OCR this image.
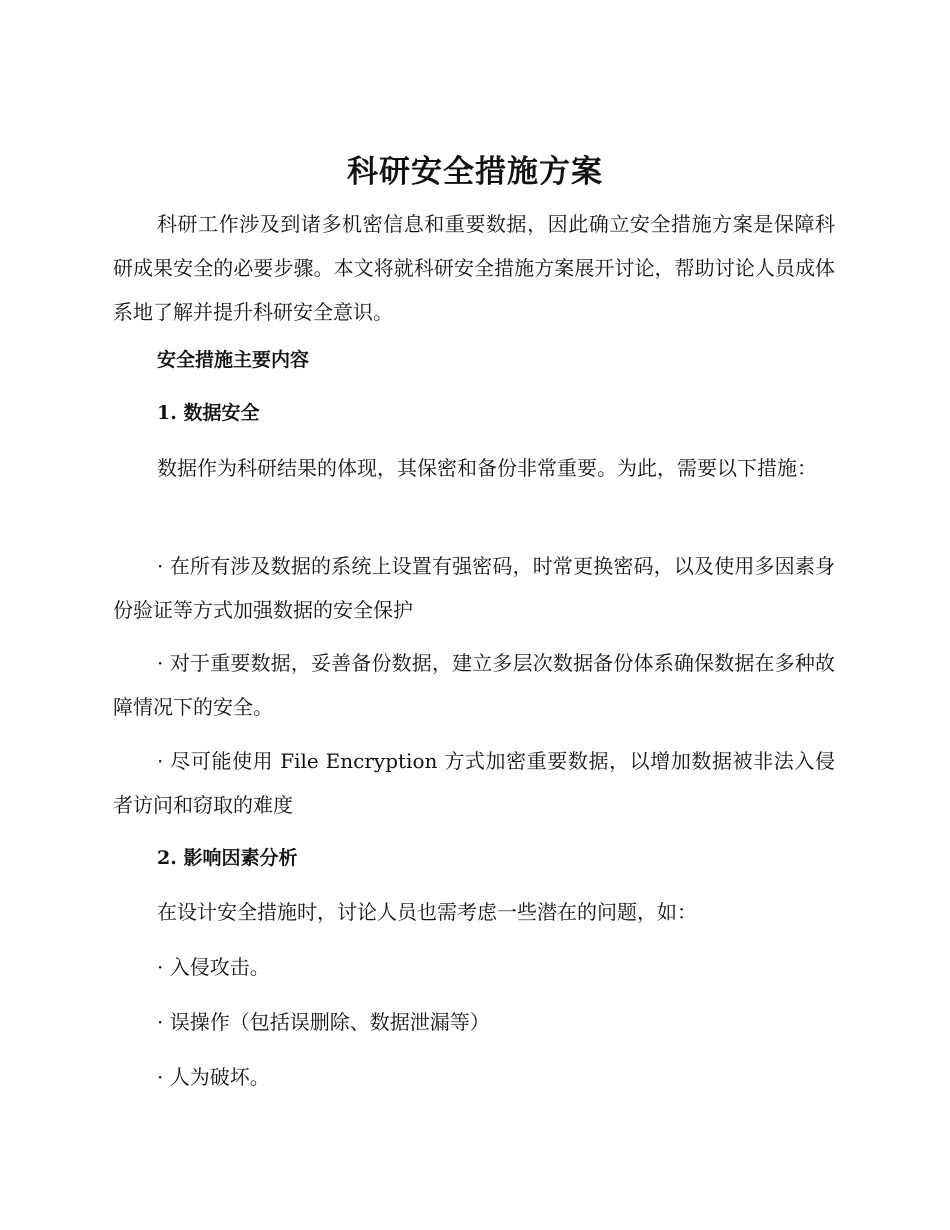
科研安全措施方案

科研工作涉及到诸多机密信息和重要数据，因此确立安全措施方案是保障科研成果安全的必要步骤。本文将就科研安全措施方案展开讨论，帮助讨论人员成体系地了解并提升科研安全意识。

安全措施主要内容

1. 数据安全

数据作为科研结果的体现，其保密和备份非常重要。为此，需要以下措施：

· 在所有涉及数据的系统上设置有强密码，时常更换密码，以及使用多因素身份验证等方式加强数据的安全保护

· 对于重要数据，妥善备份数据，建立多层次数据备份体系确保数据在多种故障情况下的安全。

· 尽可能使用 File Encryption 方式加密重要数据，以增加数据被非法入侵者访问和窃取的难度

2. 影响因素分析

在设计安全措施时，讨论人员也需考虑一些潜在的问题，如：

· 入侵攻击。

· 误操作（包括误删除、数据泄漏等）

· 人为破坏。
